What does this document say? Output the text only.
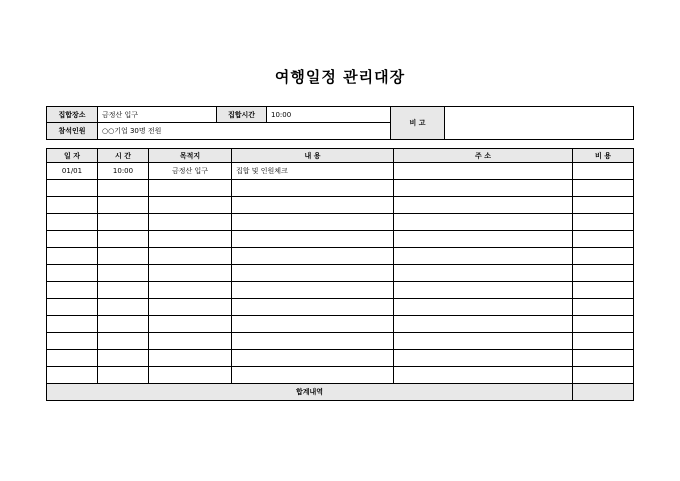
여행일정 관리대장
집합장소	금정산 입구	집합시간	10:00	비 고	
참석인원	○○기업 30명 전원				
일 자	시 간	목적지	내 용	주 소	비 용
01/01	10:00	금정산 입구	집합 및 인원체크		

합계내역					
